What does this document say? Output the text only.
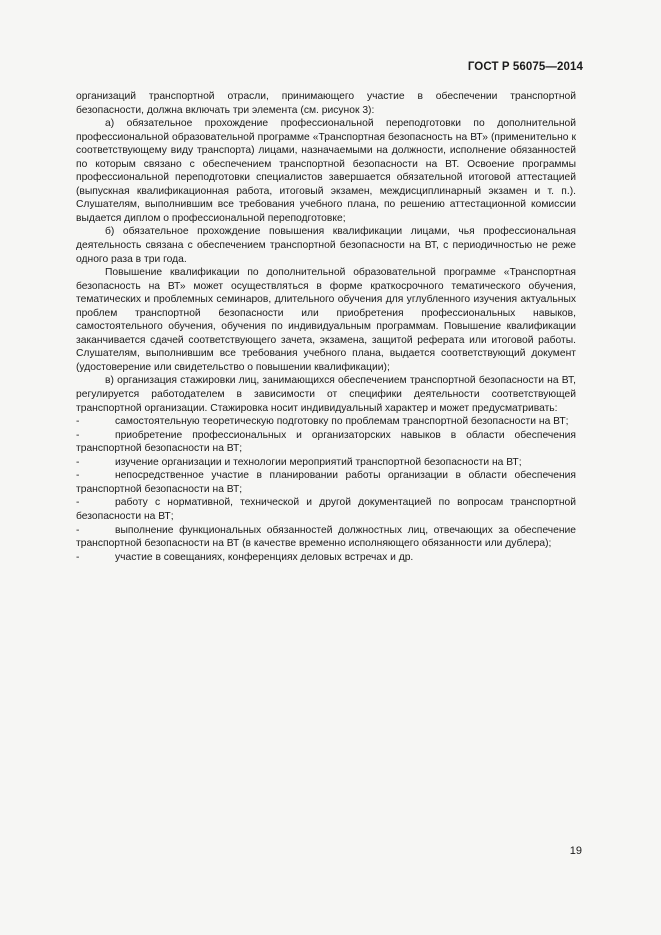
ГОСТ Р 56075—2014

организаций транспортной отрасли, принимающего участие в обеспечении транспортной безопасности, должна включать три элемента (см. рисунок 3):

а) обязательное прохождение профессиональной переподготовки по дополнительной профессиональной образовательной программе «Транспортная безопасность на ВТ» (применительно к соответствующему виду транспорта) лицами, назначаемыми на должности, исполнение обязанностей по которым связано с обеспечением транспортной безопасности на ВТ. Освоение программы профессиональной переподготовки специалистов завершается обязательной итоговой аттестацией (выпускная квалификационная работа, итоговый экзамен, междисциплинарный экзамен и т. п.). Слушателям, выполнившим все требования учебного плана, по решению аттестационной комиссии выдается диплом о профессиональной переподготовке;

б) обязательное прохождение повышения квалификации лицами, чья профессиональная деятельность связана с обеспечением транспортной безопасности на ВТ, с периодичностью не реже одного раза в три года.

Повышение квалификации по дополнительной образовательной программе «Транспортная безопасность на ВТ» может осуществляться в форме краткосрочного тематического обучения, тематических и проблемных семинаров, длительного обучения для углубленного изучения актуальных проблем транспортной безопасности или приобретения профессиональных навыков, самостоятельного обучения, обучения по индивидуальным программам. Повышение квалификации заканчивается сдачей соответствующего зачета, экзамена, защитой реферата или итоговой работы. Слушателям, выполнившим все требования учебного плана, выдается соответствующий документ (удостоверение или свидетельство о повышении квалификации);

в) организация стажировки лиц, занимающихся обеспечением транспортной безопасности на ВТ, регулируется работодателем в зависимости от специфики деятельности соответствующей транспортной организации. Стажировка носит индивидуальный характер и может предусматривать:

-	самостоятельную теоретическую подготовку по проблемам транспортной безопасности на ВТ;

-	приобретение профессиональных и организаторских навыков в области обеспечения транспортной безопасности на ВТ;

-	изучение организации и технологии мероприятий транспортной безопасности на ВТ;

-	непосредственное участие в планировании работы организации в области обеспечения транспортной безопасности на ВТ;

-	работу с нормативной, технической и другой документацией по вопросам транспортной безопасности на ВТ;

-	выполнение функциональных обязанностей должностных лиц, отвечающих за обеспечение транспортной безопасности на ВТ (в качестве временно исполняющего обязанности или дублера);

-	участие в совещаниях, конференциях деловых встречах и др.

19
